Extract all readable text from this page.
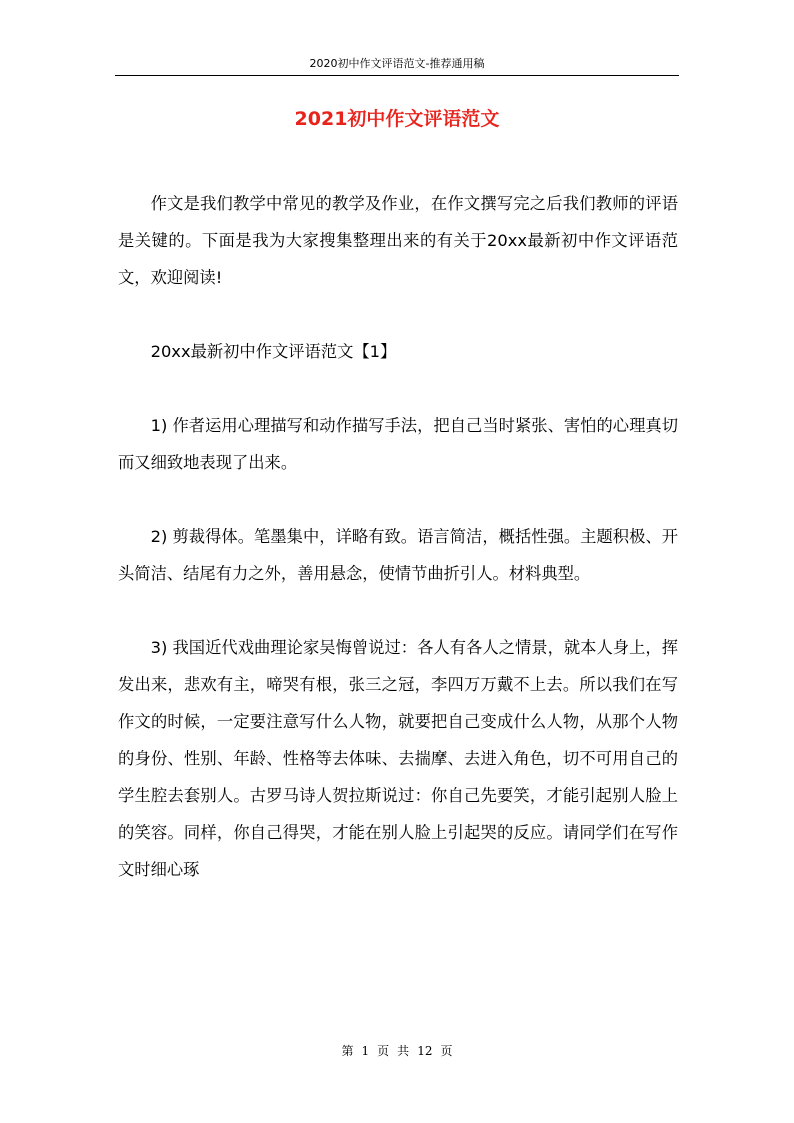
2020初中作文评语范文-推荐通用稿
2021初中作文评语范文

作文是我们教学中常见的教学及作业，在作文撰写完之后我们教师的评语是关键的。下面是我为大家搜集整理出来的有关于20xx最新初中作文评语范文，欢迎阅读!

20xx最新初中作文评语范文【1】

1) 作者运用心理描写和动作描写手法，把自己当时紧张、害怕的心理真切而又细致地表现了出来。

2) 剪裁得体。笔墨集中，详略有致。语言简洁，概括性强。主题积极、开头简洁、结尾有力之外，善用悬念，使情节曲折引人。材料典型。

3) 我国近代戏曲理论家吴悔曾说过：各人有各人之情景，就本人身上，挥发出来，悲欢有主，啼哭有根，张三之冠，李四万万戴不上去。所以我们在写作文的时候，一定要注意写什么人物，就要把自己变成什么人物，从那个人物的身份、性别、年龄、性格等去体味、去揣摩、去进入角色，切不可用自己的学生腔去套别人。古罗马诗人贺拉斯说过：你自己先要笑，才能引起别人脸上的笑容。同样，你自己得哭，才能在别人脸上引起哭的反应。请同学们在写作文时细心琢

第 1 页 共 12 页
